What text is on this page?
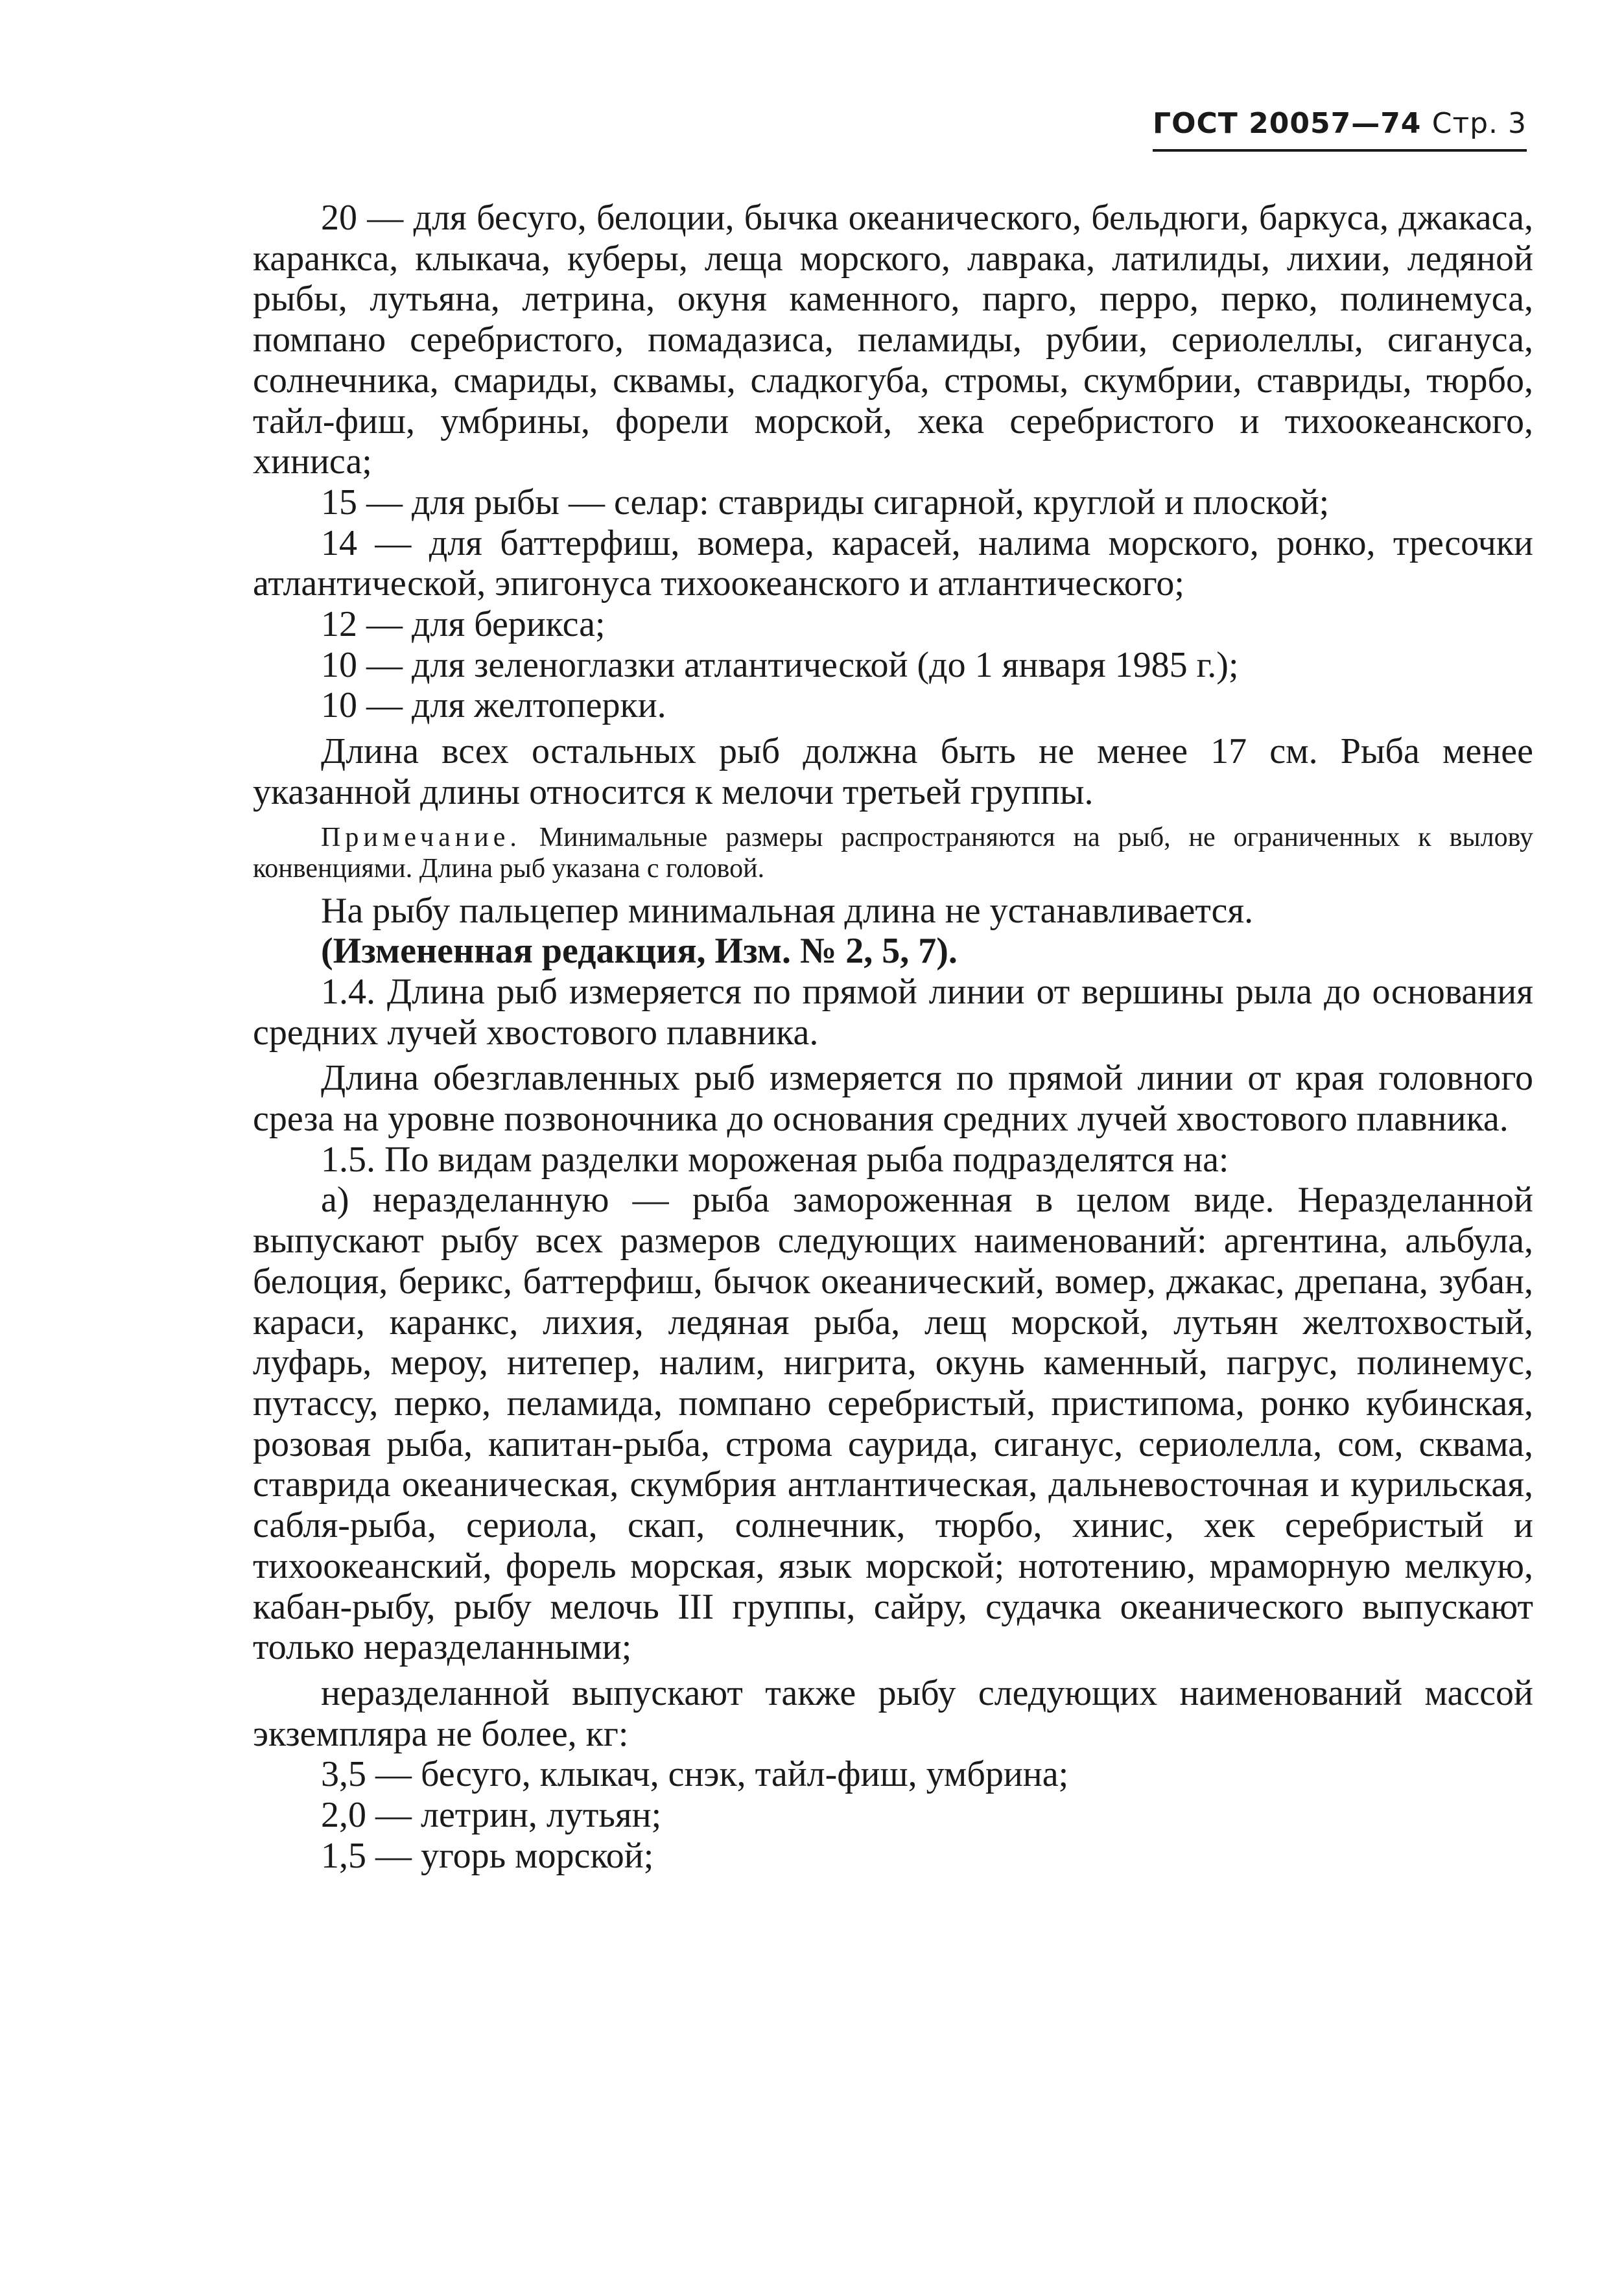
ГОСТ 20057—74 Стр. 3

20 — для бесуго, белоции, бычка океанического, бельдюги, баркуса, джакаса, каранкса, клыкача, куберы, леща морского, лаврака, латилиды, лихии, ледяной рыбы, лутьяна, летрина, окуня каменного, парго, перро, перко, полинемуса, помпано серебристого, помадазиса, пеламиды, рубии, сериолеллы, сигануса, солнечника, смариды, сквамы, сладкогуба, стромы, скумбрии, ставриды, тюрбо, тайл-фиш, умбрины, форели морской, хека серебристого и тихоокеанского, хиниса;

15 — для рыбы — селар: ставриды сигарной, круглой и плоской;

14 — для баттерфиш, вомера, карасей, налима морского, ронко, тресочки атлантической, эпигонуса тихоокеанского и атлантического;

12 — для берикса;

10 — для зеленоглазки атлантической (до 1 января 1985 г.);

10 — для желтоперки.

Длина всех остальных рыб должна быть не менее 17 см. Рыба менее указанной длины относится к мелочи третьей группы.

Примечание. Минимальные размеры распространяются на рыб, не ограниченных к вылову конвенциями. Длина рыб указана с головой.

На рыбу пальцепер минимальная длина не устанавливается.

(Измененная редакция, Изм. № 2, 5, 7).

1.4. Длина рыб измеряется по прямой линии от вершины рыла до основания средних лучей хвостового плавника.

Длина обезглавленных рыб измеряется по прямой линии от края головного среза на уровне позвоночника до основания средних лучей хвостового плавника.

1.5. По видам разделки мороженая рыба подразделятся на:

а) неразделанную — рыба замороженная в целом виде. Неразделанной выпускают рыбу всех размеров следующих наименований: аргентина, альбула, белоция, берикс, баттерфиш, бычок океанический, вомер, джакас, дрепана, зубан, караси, каранкс, лихия, ледяная рыба, лещ морской, лутьян желтохвостый, луфарь, мероу, нитепер, налим, нигрита, окунь каменный, пагрус, полинемус, путассу, перко, пеламида, помпано серебристый, пристипома, ронко кубинская, розовая рыба, капитан-рыба, строма саурида, сиганус, сериолелла, сом, сквама, ставрида океаническая, скумбрия антлантическая, дальневосточная и курильская, сабля-рыба, сериола, скап, солнечник, тюрбо, хинис, хек серебристый и тихоокеанский, форель морская, язык морской; нототению, мраморную мелкую, кабан-рыбу, рыбу мелочь III группы, сайру, судачка океанического выпускают только неразделанными;

неразделанной выпускают также рыбу следующих наименований массой экземпляра не более, кг:

3,5 — бесуго, клыкач, снэк, тайл-фиш, умбрина;

2,0 — летрин, лутьян;

1,5 — угорь морской;
